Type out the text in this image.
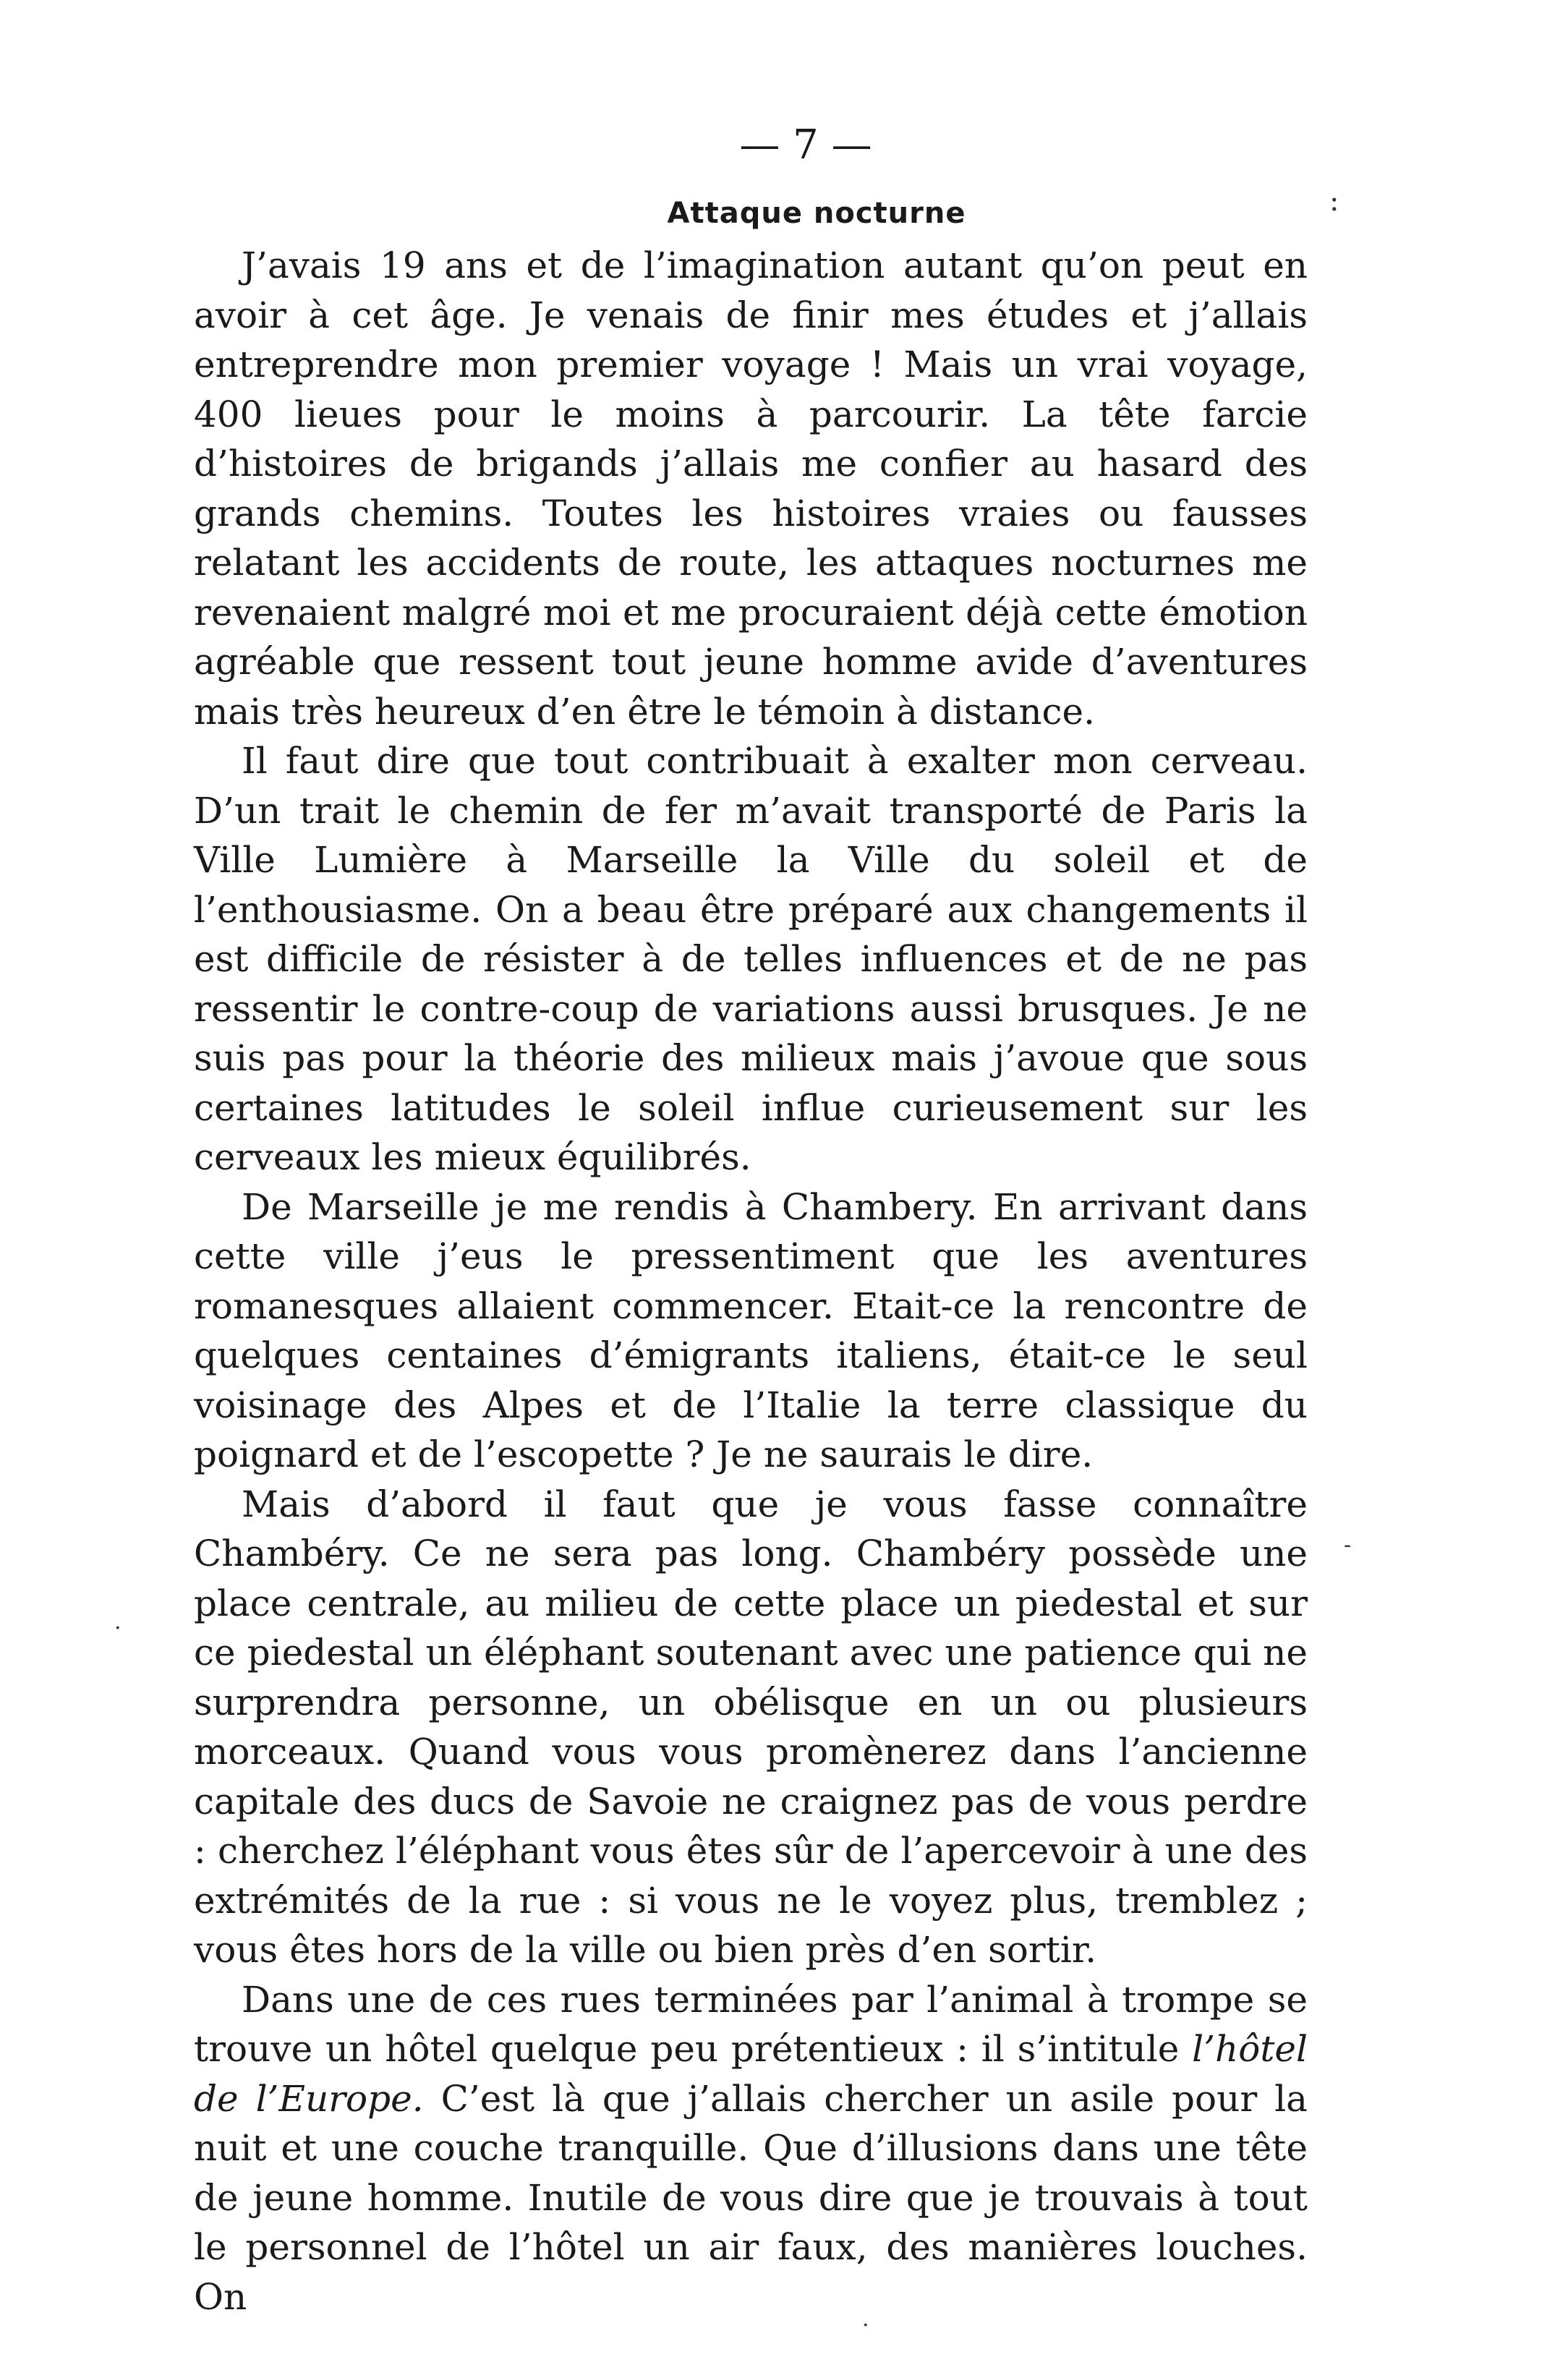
— 7 —
Attaque nocturne

J’avais 19 ans et de l’imagination autant qu’on peut en avoir à cet âge. Je venais de finir mes études et j’allais entreprendre mon premier voyage ! Mais un vrai voyage, 400 lieues pour le moins à parcourir. La tête farcie d’histoires de brigands j’allais me confier au hasard des grands chemins. Toutes les histoires vraies ou fausses relatant les accidents de route, les attaques nocturnes me revenaient malgré moi et me procuraient déjà cette émotion agréable que ressent tout jeune homme avide d’aventures mais très heureux d’en être le témoin à distance.

Il faut dire que tout contribuait à exalter mon cerveau. D’un trait le chemin de fer m’avait transporté de Paris la Ville Lumière à Marseille la Ville du soleil et de l’enthousiasme. On a beau être préparé aux changements il est difficile de résister à de telles influences et de ne pas ressentir le contre-coup de variations aussi brusques. Je ne suis pas pour la théorie des milieux mais j’avoue que sous certaines latitudes le soleil influe curieusement sur les cerveaux les mieux équilibrés.

De Marseille je me rendis à Chambery. En arrivant dans cette ville j’eus le pressentiment que les aventures romanesques allaient commencer. Etait-ce la rencontre de quelques centaines d’émigrants italiens, était-ce le seul voisinage des Alpes et de l’Italie la terre classique du poignard et de l’escopette ? Je ne saurais le dire.

Mais d’abord il faut que je vous fasse connaître Chambéry. Ce ne sera pas long. Chambéry possède une place centrale, au milieu de cette place un piedestal et sur ce piedestal un éléphant soutenant avec une patience qui ne surprendra personne, un obélisque en un ou plusieurs morceaux. Quand vous vous promènerez dans l’ancienne capitale des ducs de Savoie ne craignez pas de vous perdre : cherchez l’éléphant vous êtes sûr de l’apercevoir à une des extrémités de la rue : si vous ne le voyez plus, tremblez ; vous êtes hors de la ville ou bien près d’en sortir.

Dans une de ces rues terminées par l’animal à trompe se trouve un hôtel quelque peu prétentieux : il s’intitule l’hôtel de l’Europe. C’est là que j’allais chercher un asile pour la nuit et une couche tranquille. Que d’illusions dans une tête de jeune homme. Inutile de vous dire que je trouvais à tout le personnel de l’hôtel un air faux, des manières louches. On

:
-
.
.
